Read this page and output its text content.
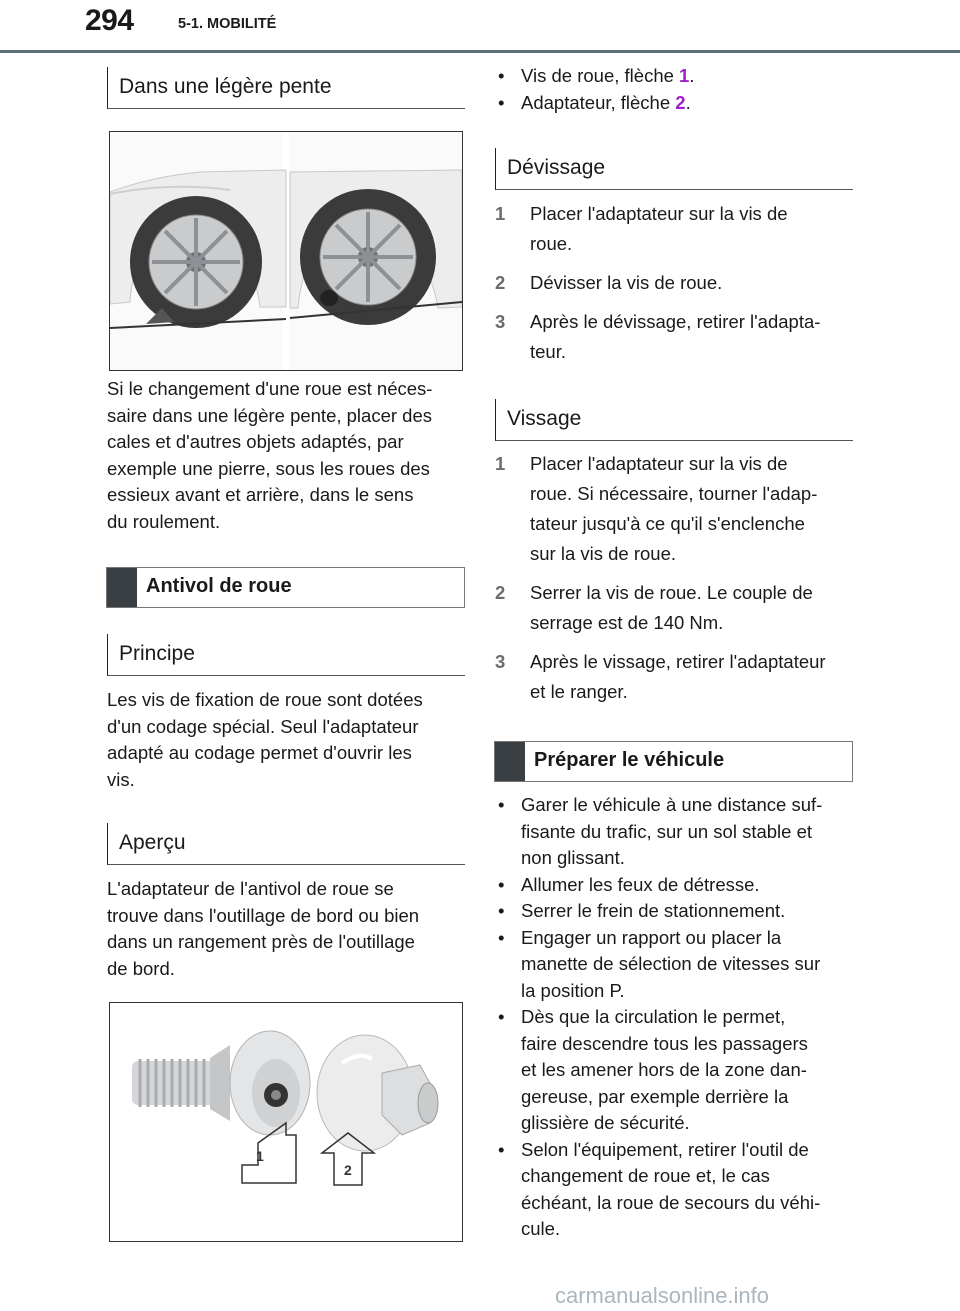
294	5-1. MOBILITÉ
Dans une légère pente
Si le changement d'une roue est néces-
saire dans une légère pente, placer des
cales et d'autres objets adaptés, par
exemple une pierre, sous les roues des
essieux avant et arrière, dans le sens
du roulement.
Antivol de roue
Principe
Les vis de fixation de roue sont dotées
d'un codage spécial. Seul l'adaptateur
adapté au codage permet d'ouvrir les
vis.
Aperçu
L'adaptateur de l'antivol de roue se
trouve dans l'outillage de bord ou bien
dans un rangement près de l'outillage
de bord.
1
2
• Vis de roue, flèche 1.
• Adaptateur, flèche 2.
Dévissage
1 Placer l'adaptateur sur la vis de
roue.
2 Dévisser la vis de roue.
3 Après le dévissage, retirer l'adapta-
teur.
Vissage
1 Placer l'adaptateur sur la vis de
roue. Si nécessaire, tourner l'adap-
tateur jusqu'à ce qu'il s'enclenche
sur la vis de roue.
2 Serrer la vis de roue. Le couple de
serrage est de 140 Nm.
3 Après le vissage, retirer l'adaptateur
et le ranger.
Préparer le véhicule
• Garer le véhicule à une distance suf-
fisante du trafic, sur un sol stable et
non glissant.
• Allumer les feux de détresse.
• Serrer le frein de stationnement.
• Engager un rapport ou placer la
manette de sélection de vitesses sur
la position P.
• Dès que la circulation le permet,
faire descendre tous les passagers
et les amener hors de la zone dan-
gereuse, par exemple derrière la
glissière de sécurité.
• Selon l'équipement, retirer l'outil de
changement de roue et, le cas
échéant, la roue de secours du véhi-
cule.
carmanualsonline.info
